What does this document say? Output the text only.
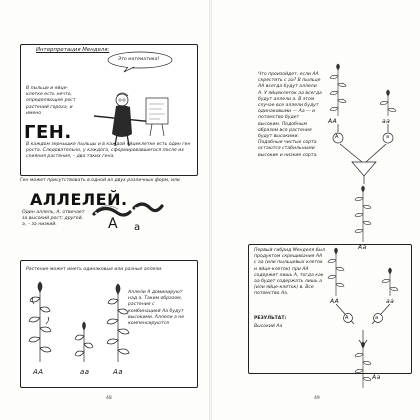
Интерпретация Менделя:
Это математика!
В пыльце и яйце-клетке есть нечто, определяющее рост растений гороха, и имено
ГЕН.
В каждом зернышке пыльцы и в каждой яйцеклетке есть один ген роста. Следовательно, у каждого, сформировавшегося после их слияния растения, – два таких гена.
Ген может присутствовать в одной из двух различных форм, или
АЛЛЕЛЕЙ.
Один аллель, А, отвечает за высокий рост; другой, а, – за низкий.	A a
Растение может иметь одинаковые или разные аллели.
Аллели A доминируют над a. Таким образом, растения с комбинацией Aa будут высокими. Аллели a не компенсируются
AA	aa	Aa
48
Что произойдет, если АА скрестить с аа? В пыльце АА всегда будут аллели А. У яйцеклеток аа всегда будут аллели а. В этом случае все аллели будут одинаковыми — Аа — и потомство будет высоким. Подобным образом все растения будут высокими. Подобные чистые сорта остаются стабильными высокие и низкие сорта.
AA	aa
A	a
Aa
Первый гибрид Менделя был продуктом скрещивания АА с аа (или пыльцевых клеток и яйце-клеток) при АА содержит лишь А, тогда как аа будет содержать лишь а (или яйце-клеток) в. Все потомство Аа.
РЕЗУЛЬТАТ:
Высокий Аа
AA	aa
A	a
Aa
49
